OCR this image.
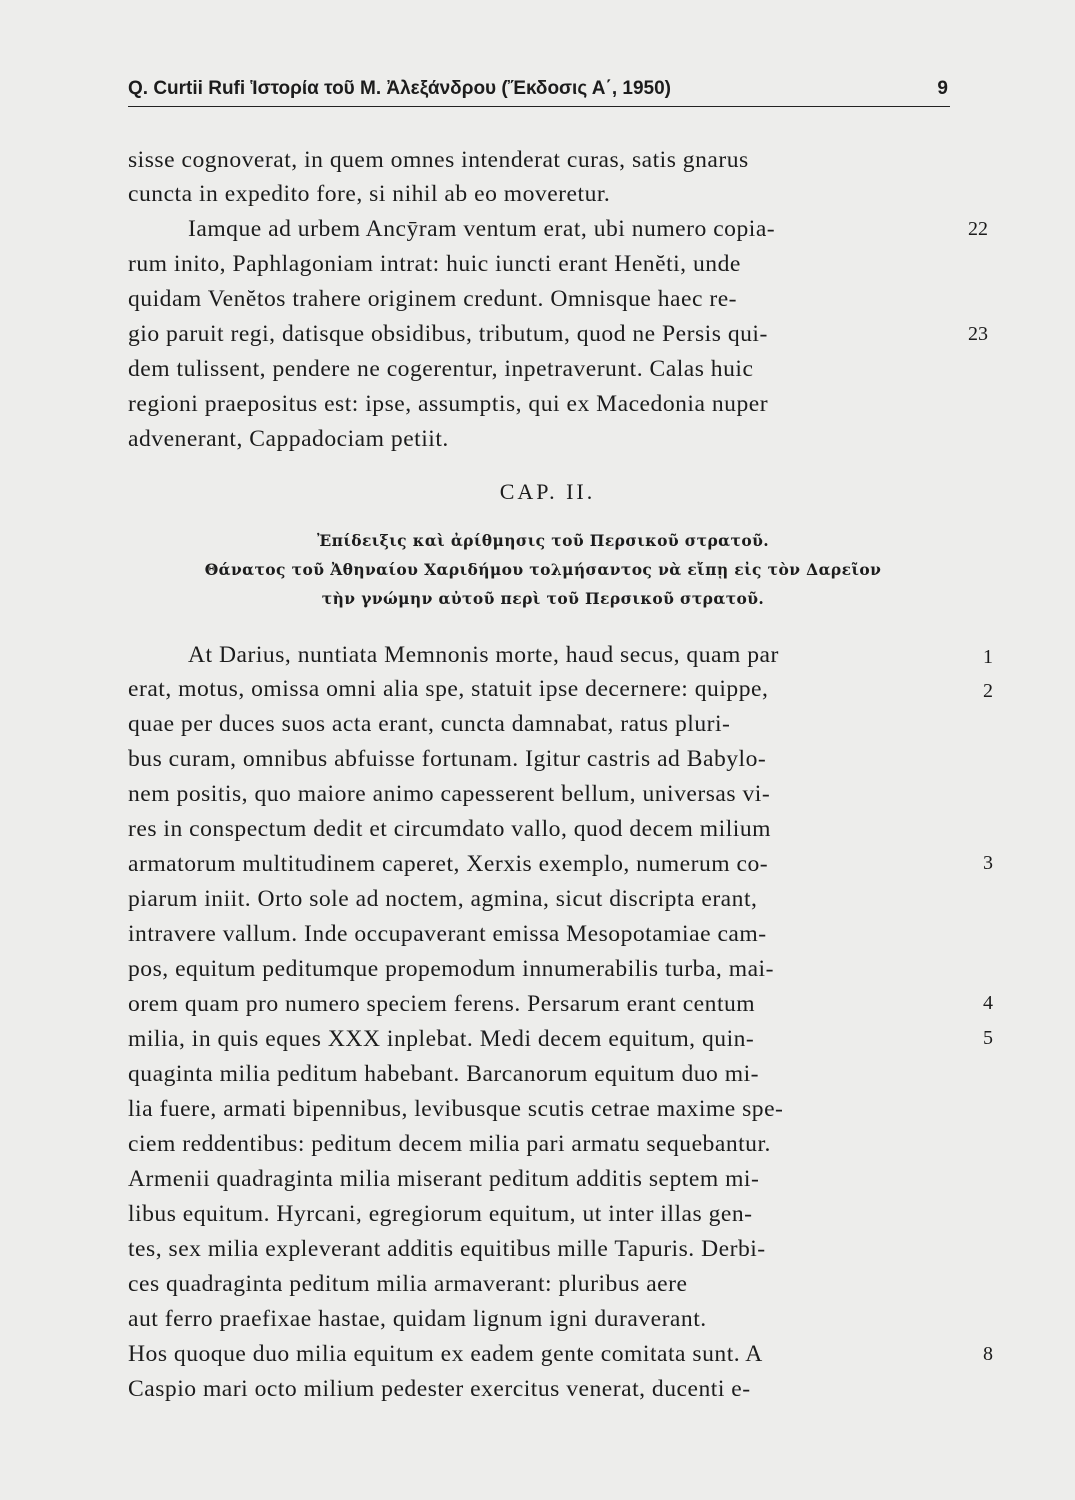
Q. Curtii Rufi Ἱστορία τοῦ Μ. Ἀλεξάνδρου (Ἔκδοσις Α΄, 1950)	9
sisse cognoverat, in quem omnes intenderat curas, satis gnarus
cuncta in expedito fore, si nihil ab eo moveretur.
Iamque ad urbem Ancȳram ventum erat, ubi numero copia-
rum inito, Paphlagoniam intrat: huic iuncti erant Henĕti, unde
quidam Venĕtos trahere originem credunt. Omnisque haec re-
gio paruit regi, datisque obsidibus, tributum, quod ne Persis qui-
dem tulissent, pendere ne cogerentur, inpetraverunt. Calas huic
regioni praepositus est: ipse, assumptis, qui ex Macedonia nuper
advenerant, Cappadociam petiit.
22
23
CAP. II.
Ἐπίδειξις καὶ ἀρίθμησις τοῦ Περσικοῦ στρατοῦ.
Θάνατος τοῦ Ἀθηναίου Χαριδήμου τολμήσαντος νὰ εἴπῃ εἰς τὸν Δαρεῖον
τὴν γνώμην αὐτοῦ περὶ τοῦ Περσικοῦ στρατοῦ.
At Darius, nuntiata Memnonis morte, haud secus, quam par
erat, motus, omissa omni alia spe, statuit ipse decernere: quippe,
quae per duces suos acta erant, cuncta damnabat, ratus pluri-
bus curam, omnibus abfuisse fortunam. Igitur castris ad Babylo-
nem positis, quo maiore animo capesserent bellum, universas vi-
res in conspectum dedit et circumdato vallo, quod decem milium
armatorum multitudinem caperet, Xerxis exemplo, numerum co-
piarum iniit. Orto sole ad noctem, agmina, sicut discripta erant,
intravere vallum. Inde occupaverant emissa Mesopotamiae cam-
pos, equitum peditumque propemodum innumerabilis turba, mai-
orem quam pro numero speciem ferens. Persarum erant centum
milia, in quis eques XXX inplebat. Medi decem equitum, quin-
quaginta milia peditum habebant. Barcanorum equitum duo mi-
lia fuere, armati bipennibus, levibusque scutis cetrae maxime spe-
ciem reddentibus: peditum decem milia pari armatu sequebantur.
Armenii quadraginta milia miserant peditum additis septem mi-
libus equitum. Hyrcani, egregiorum equitum, ut inter illas gen-
tes, sex milia expleverant additis equitibus mille Tapuris. Derbi-
ces quadraginta peditum milia armaverant: pluribus aere
aut ferro praefixae hastae, quidam lignum igni duraverant.
Hos quoque duo milia equitum ex eadem gente comitata sunt. A
Caspio mari octo milium pedester exercitus venerat, ducenti e-
1
2
3
4
5
8
